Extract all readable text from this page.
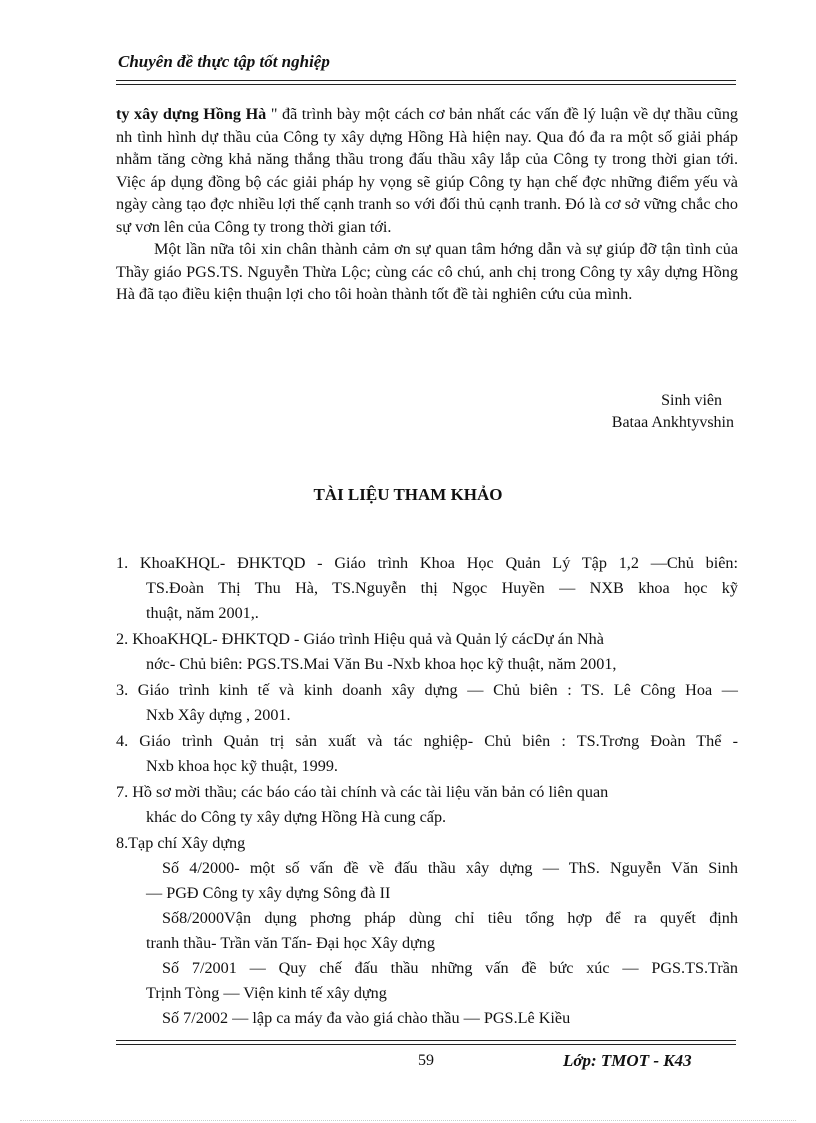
Chuyên đề thực tập tốt nghiệp

ty xây dựng Hồng Hà " đã trình bày một cách cơ bản nhất các vấn đề lý luận về dự thầu cũng nh tình hình dự thầu của Công ty xây dựng Hồng Hà hiện nay. Qua đó đa ra một số giải pháp nhằm tăng cờng khả năng thắng thầu trong đấu thầu xây lắp của Công ty trong thời gian tới. Việc áp dụng đồng bộ các giải pháp hy vọng sẽ giúp Công ty hạn chế đợc những điểm yếu và ngày càng tạo đợc nhiều lợi thế cạnh tranh so với đối thủ cạnh tranh. Đó là cơ sở vững chắc cho sự vơn lên của Công ty trong thời gian tới.

Một lần nữa tôi xin chân thành cảm ơn sự quan tâm hớng dẫn và sự giúp đỡ tận tình của Thầy giáo PGS.TS. Nguyễn Thừa Lộc; cùng các cô chú, anh chị trong Công ty xây dựng Hồng Hà đã tạo điều kiện thuận lợi cho tôi hoàn thành tốt đề tài nghiên cứu của mình.

Sinh viên
Bataa Ankhtyvshin
TÀI LIỆU THAM KHẢO
1. KhoaKHQL- ĐHKTQD - Giáo trình Khoa Học Quản Lý Tập 1,2 —Chủ biên:
TS.Đoàn Thị Thu Hà, TS.Nguyễn thị Ngọc Huyền — NXB khoa học kỹ
thuật, năm 2001,.
2. KhoaKHQL- ĐHKTQD - Giáo trình Hiệu quả và Quản lý cácDự án Nhà
nớc- Chủ biên: PGS.TS.Mai Văn Bu -Nxb khoa học kỹ thuật, năm 2001,
3. Giáo trình kinh tế và kinh doanh xây dựng — Chủ biên : TS. Lê Công Hoa —
Nxb Xây dựng , 2001.
4. Giáo trình Quản trị sản xuất và tác nghiệp- Chủ biên : TS.Trơng Đoàn Thể -
Nxb khoa học kỹ thuật, 1999.
7. Hồ sơ mời thầu; các báo cáo tài chính và các tài liệu văn bản có liên quan
khác do Công ty xây dựng Hồng Hà cung cấp.
8.Tạp chí Xây dựng
Số 4/2000- một số vấn đề về đấu thầu xây dựng — ThS. Nguyễn Văn Sinh
— PGĐ Công ty xây dựng Sông đà II
Số8/2000Vận dụng phơng pháp dùng chỉ tiêu tổng hợp để ra quyết định
tranh thầu- Trần văn Tấn- Đại học Xây dựng
Số 7/2001 — Quy chế đấu thầu những vấn đề bức xúc — PGS.TS.Trần
Trịnh Tòng — Viện kinh tế xây dựng
Số 7/2002 — lập ca máy đa vào giá chào thầu — PGS.Lê Kiều
59	Lớp: TMOT - K43
